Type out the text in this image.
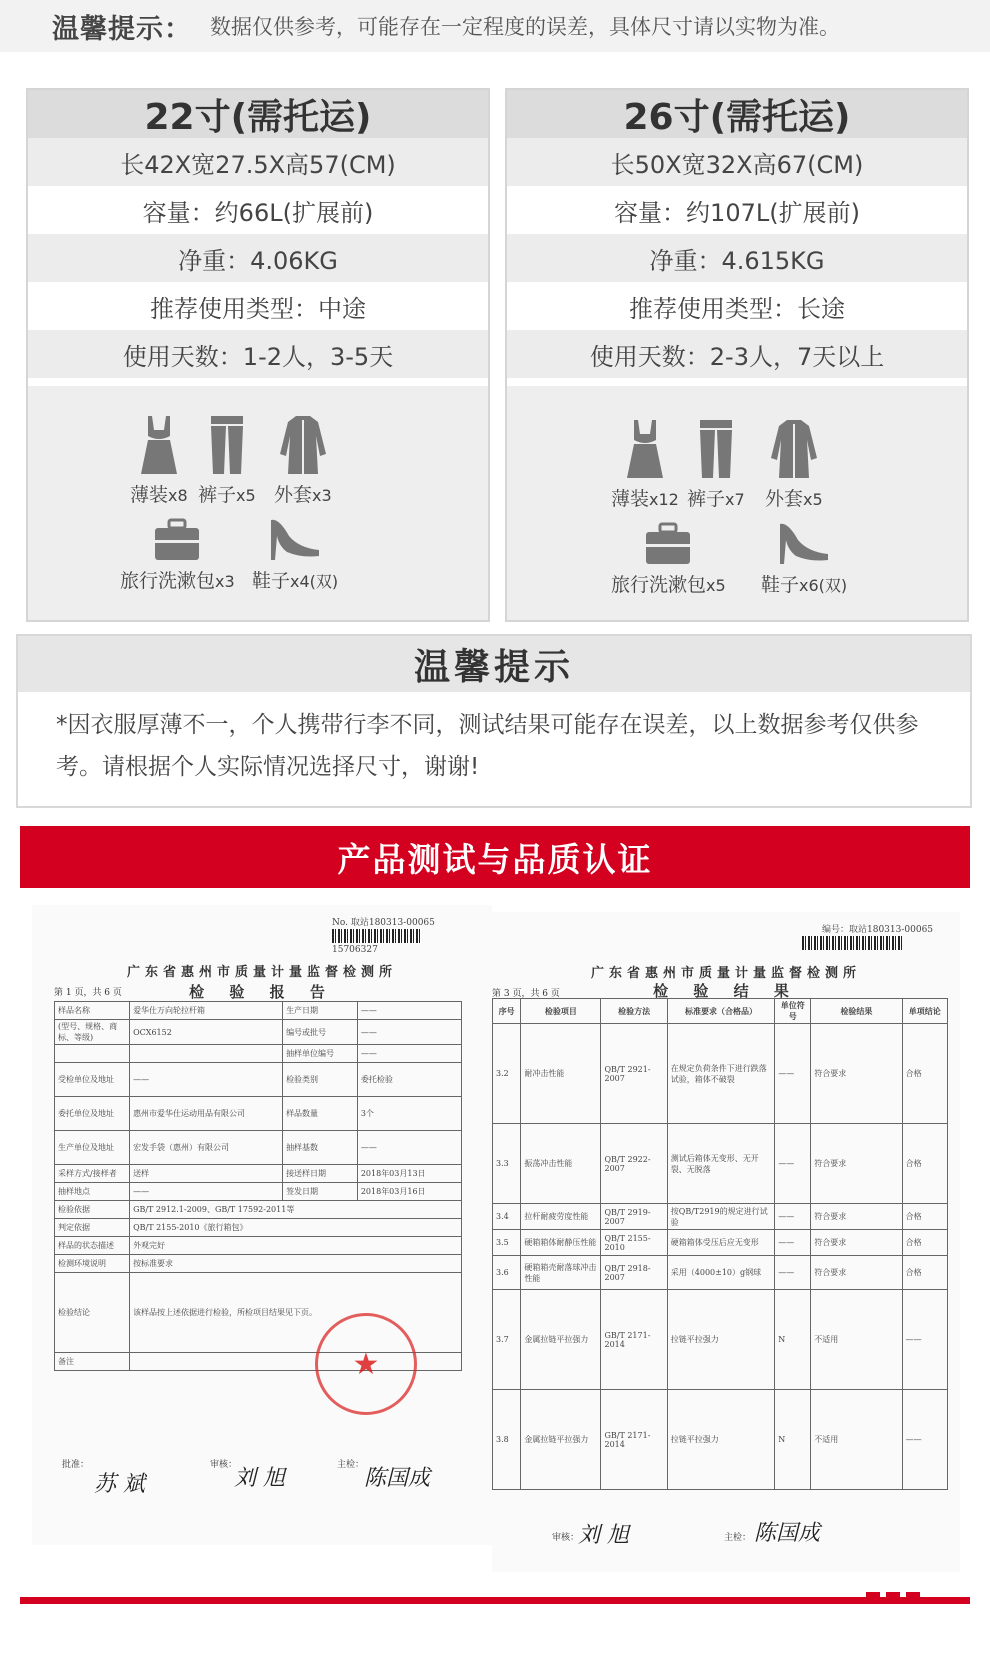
温馨提示： 数据仅供参考，可能存在一定程度的误差，具体尺寸请以实物为准。
22寸(需托运)
长42X宽27.5X高57(CM)
容量：约66L(扩展前)
净重：4.06KG
推荐使用类型：中途
使用天数：1-2人，3-5天
薄装x8 裤子x5 外套x3
旅行洗漱包x3 鞋子x4(双)
26寸(需托运)
长50X宽32X高67(CM)
容量：约107L(扩展前)
净重：4.615KG
推荐使用类型：长途
使用天数：2-3人，7天以上
薄装x12 裤子x7 外套x5
旅行洗漱包x5 鞋子x6(双)
温馨提示
*因衣服厚薄不一，个人携带行李不同，测试结果可能存在误差，以上数据参考仅供参考。请根据个人实际情况选择尺寸，谢谢!
产品测试与品质认证
No. 取站180313-00065
15706327
广东省惠州市质量计量监督检测所
第 1 页，共 6 页	检 验 报 告
样品名称	爱华仕万向轮拉杆箱	生产日期	——
(型号、规格、商标、等级)	OCX6152	编号或批号	——
		抽样单位编号	——
受检单位及地址	——	检验类别	委托检验
委托单位及地址	惠州市爱华仕运动用品有限公司	样品数量	3个
生产单位及地址	宏发手袋（惠州）有限公司	抽样基数	——
采样方式/接样者	送样	接送样日期	2018年03月13日
抽样地点	——	签发日期	2018年03月16日
检验依据	GB/T 2912.1-2009、GB/T 17592-2011等		
判定依据	QB/T 2155-2010《旅行箱包》		
样品的状态描述	外观完好		
检测环境说明	按标准要求		
检验结论	该样品按上述依据进行检验，所检项目结果见下页。		
备注				★
批准：	审核：	主检：
苏 斌	刘 旭	陈国成
编号：取站180313-00065
广东省惠州市质量计量监督检测所
第 3 页，共 6 页	检 验 结 果
序号	检验项目	检验方法	标准要求（合格品）	单位符号	检验结果	单项结论
3.2	耐冲击性能	QB/T 2921-2007	在规定负荷条件下进行跌落试验，箱体不破裂	——	符合要求	合格
3.3	振荡冲击性能	QB/T 2922-2007	测试后箱体无变形、无开裂、无脱落	——	符合要求	合格
3.4	拉杆耐疲劳度性能	QB/T 2919-2007	按QB/T2919的规定进行试验	——	符合要求	合格
3.5	硬箱箱体耐静压性能	QB/T 2155-2010	硬箱箱体受压后应无变形	——	符合要求	合格
3.6	硬箱箱壳耐落球冲击性能	QB/T 2918-2007	采用（4000±10）g钢球	——	符合要求	合格
3.7	金属拉链平拉强力	GB/T 2171-2014	拉链平拉强力	N	不适用	——
3.8	金属拉链平拉强力	GB/T 2171-2014	拉链平拉强力	N	不适用	——
审核：	主检：
刘 旭	陈国成
